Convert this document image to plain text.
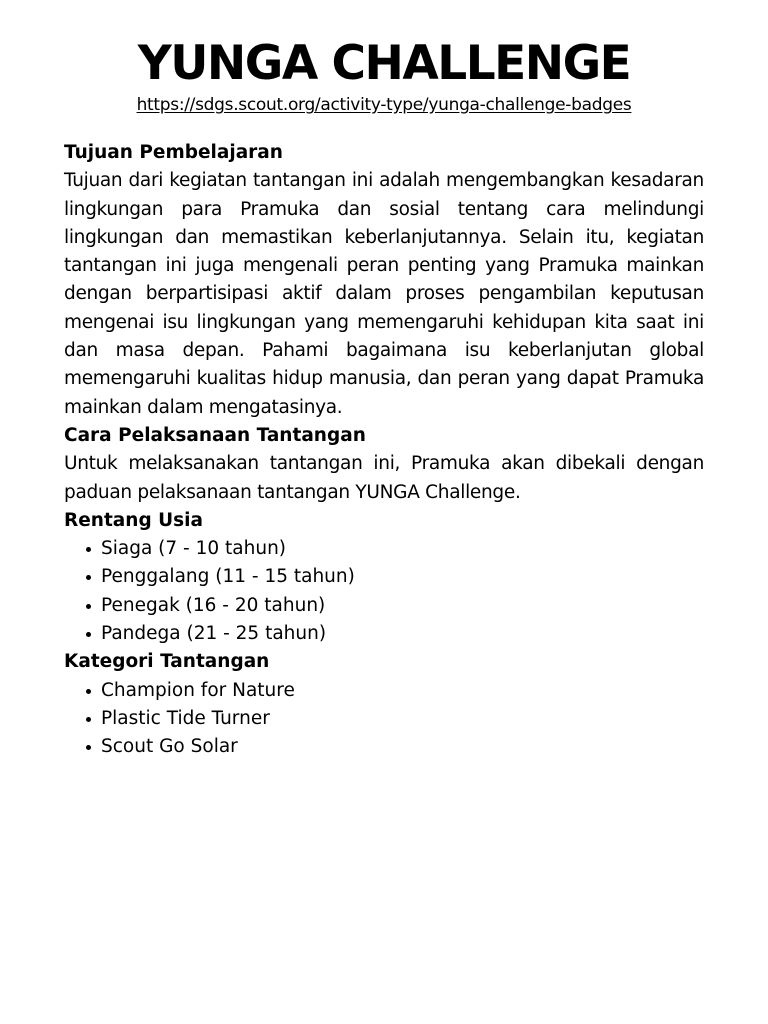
YUNGA CHALLENGE
https://sdgs.scout.org/activity-type/yunga-challenge-badges
Tujuan Pembelajaran

Tujuan dari kegiatan tantangan ini adalah mengembangkan kesadaran lingkungan para Pramuka dan sosial tentang cara melindungi lingkungan dan memastikan keberlanjutannya. Selain itu, kegiatan tantangan ini juga mengenali peran penting yang Pramuka mainkan dengan berpartisipasi aktif dalam proses pengambilan keputusan mengenai isu lingkungan yang memengaruhi kehidupan kita saat ini dan masa depan. Pahami bagaimana isu keberlanjutan global memengaruhi kualitas hidup manusia, dan peran yang dapat Pramuka mainkan dalam mengatasinya.

Cara Pelaksanaan Tantangan

Untuk melaksanakan tantangan ini, Pramuka akan dibekali dengan paduan pelaksanaan tantangan YUNGA Challenge.

Rentang Usia
Siaga (7 - 10 tahun)
Penggalang (11 - 15 tahun)
Penegak (16 - 20 tahun)
Pandega (21 - 25 tahun)
Kategori Tantangan
Champion for Nature
Plastic Tide Turner
Scout Go Solar
